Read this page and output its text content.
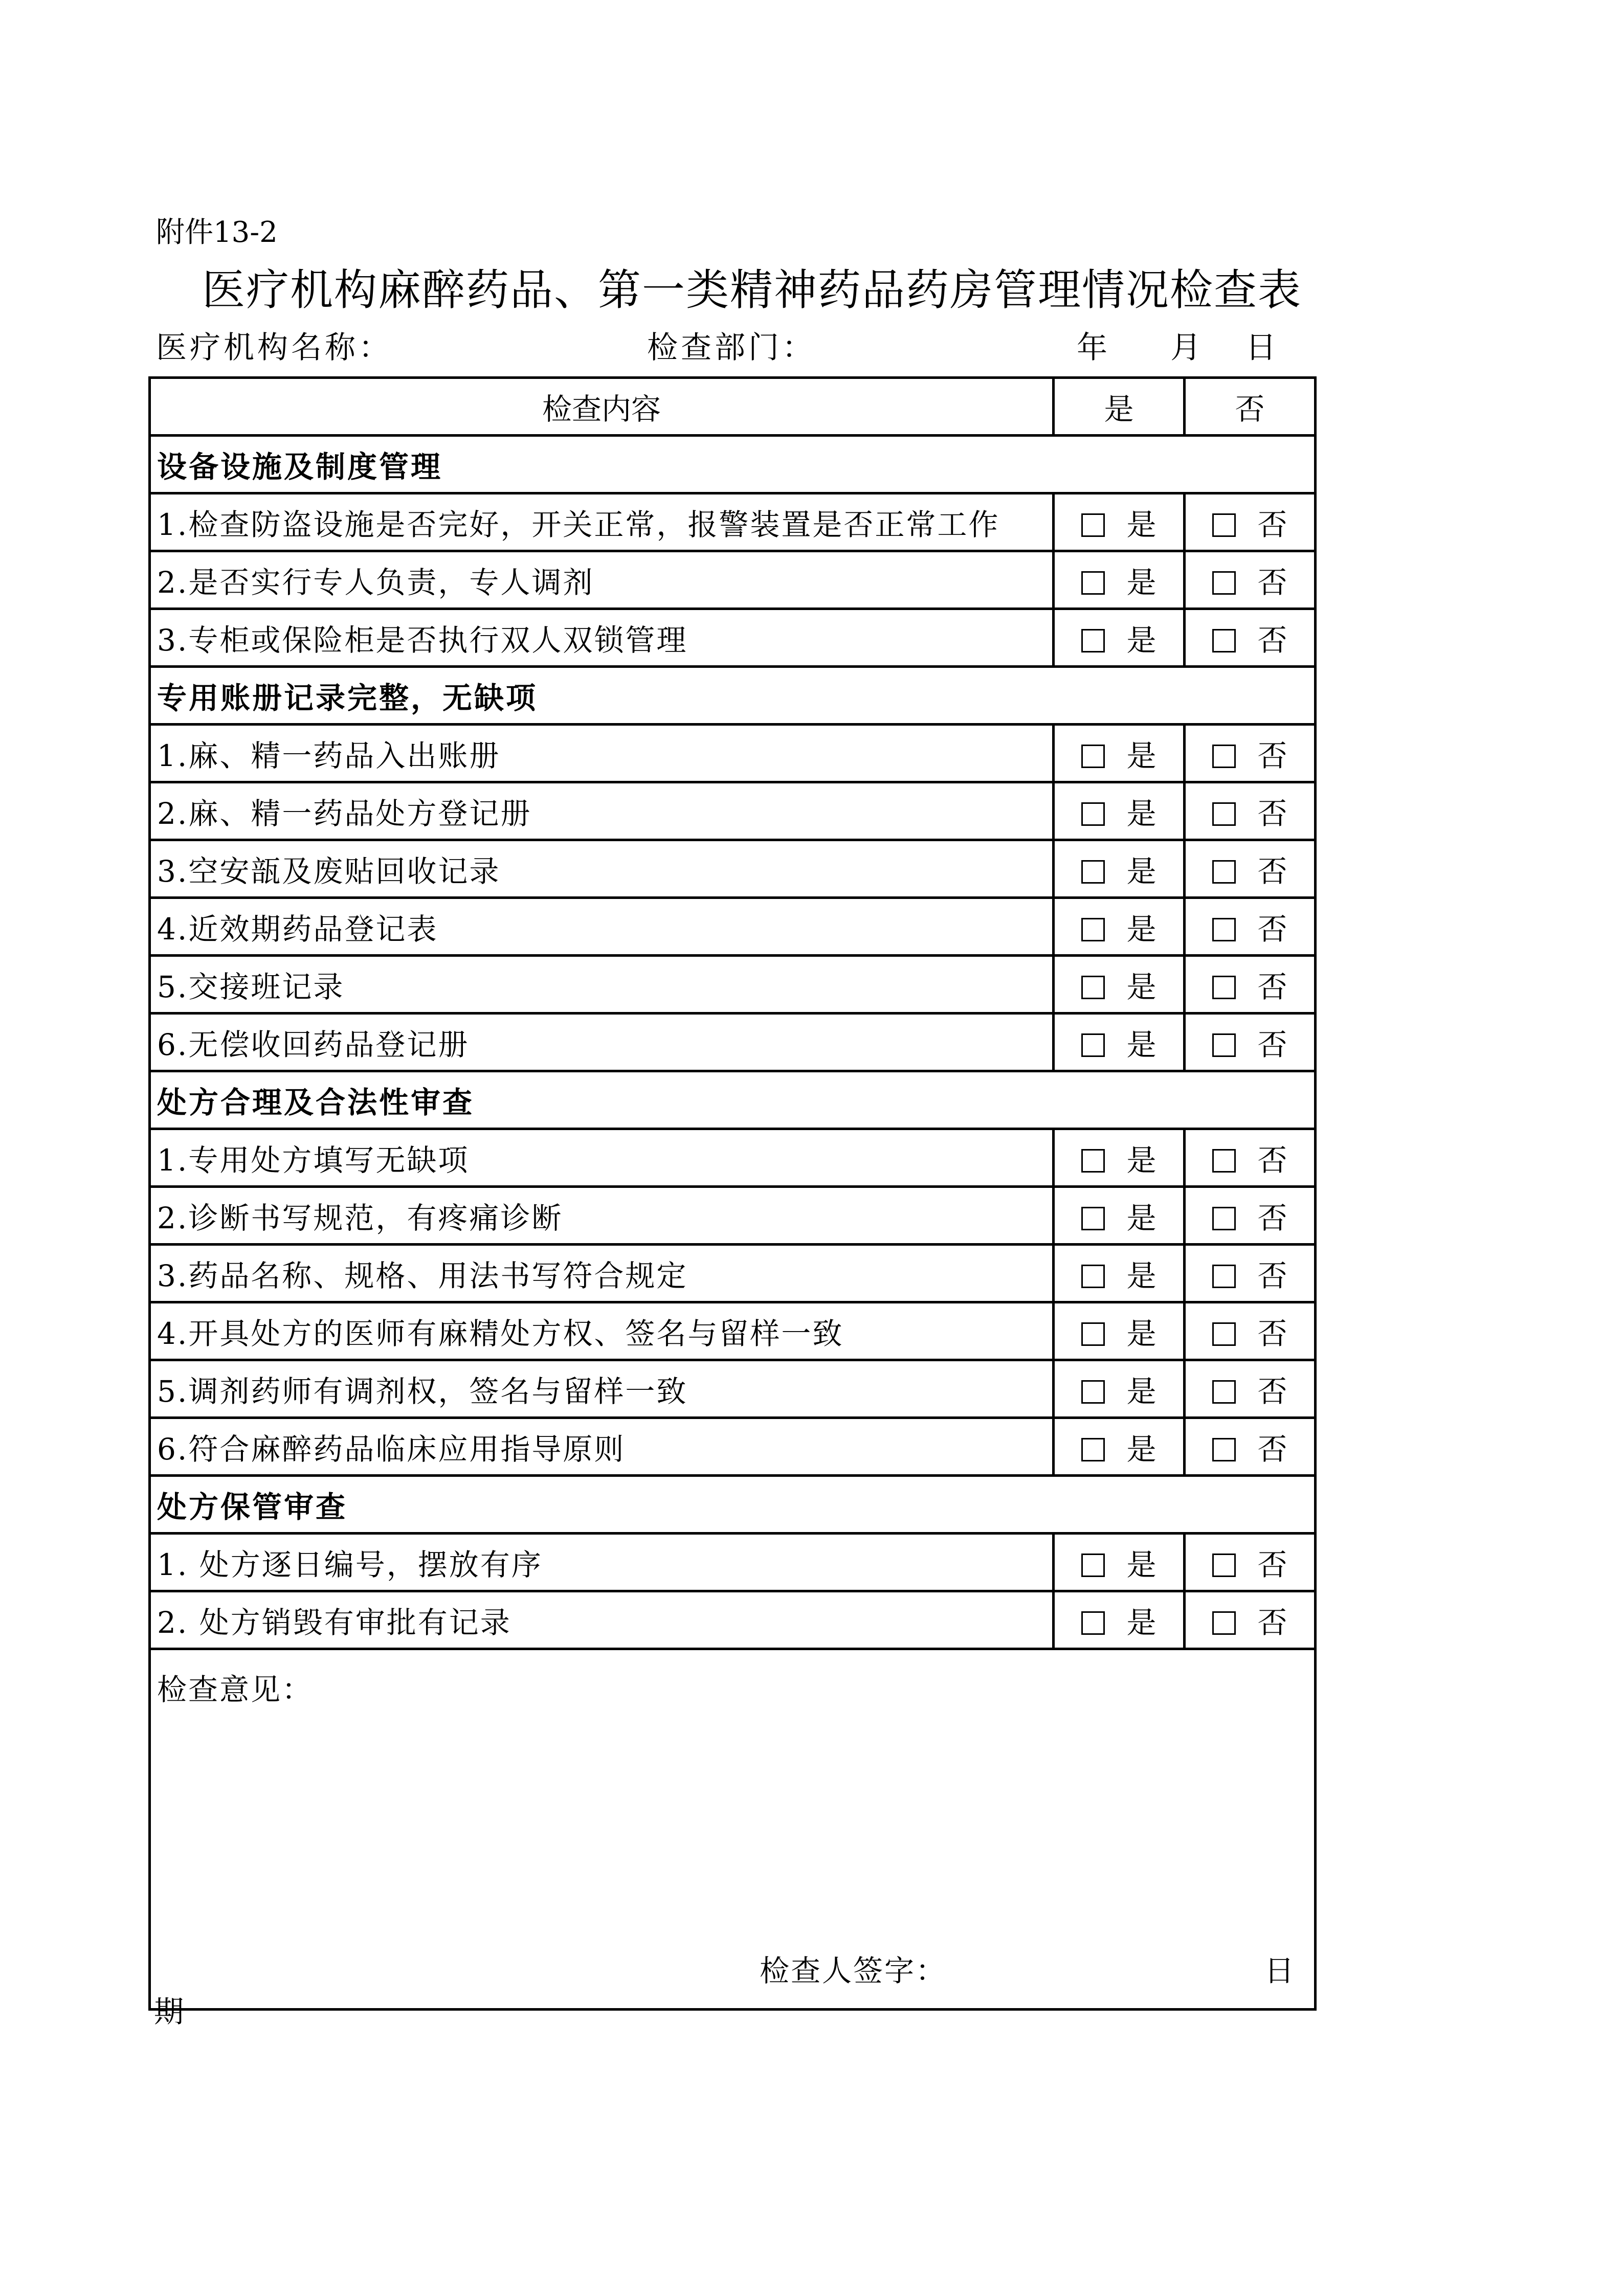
附件13-2
医疗机构麻醉药品、第一类精神药品药房管理情况检查表
医疗机构名称：	检查部门：	年 月 日
检查内容	是	否
设备设施及制度管理		
1.检查防盗设施是否完好，开关正常，报警装置是否正常工作	是	否
2.是否实行专人负责，专人调剂	是	否
3.专柜或保险柜是否执行双人双锁管理	是	否
专用账册记录完整，无缺项		
1.麻、精一药品入出账册	是	否
2.麻、精一药品处方登记册	是	否
3.空安瓿及废贴回收记录	是	否
4.近效期药品登记表	是	否
5.交接班记录	是	否
6.无偿收回药品登记册	是	否
处方合理及合法性审查		
1.专用处方填写无缺项	是	否
2.诊断书写规范，有疼痛诊断	是	否
3.药品名称、规格、用法书写符合规定	是	否
4.开具处方的医师有麻精处方权、签名与留样一致	是	否
5.调剂药师有调剂权，签名与留样一致	是	否
6.符合麻醉药品临床应用指导原则	是	否
处方保管审查		
1. 处方逐日编号，摆放有序	是	否
2. 处方销毁有审批有记录	是	否

检查意见：
检查人签字： 日
期		
